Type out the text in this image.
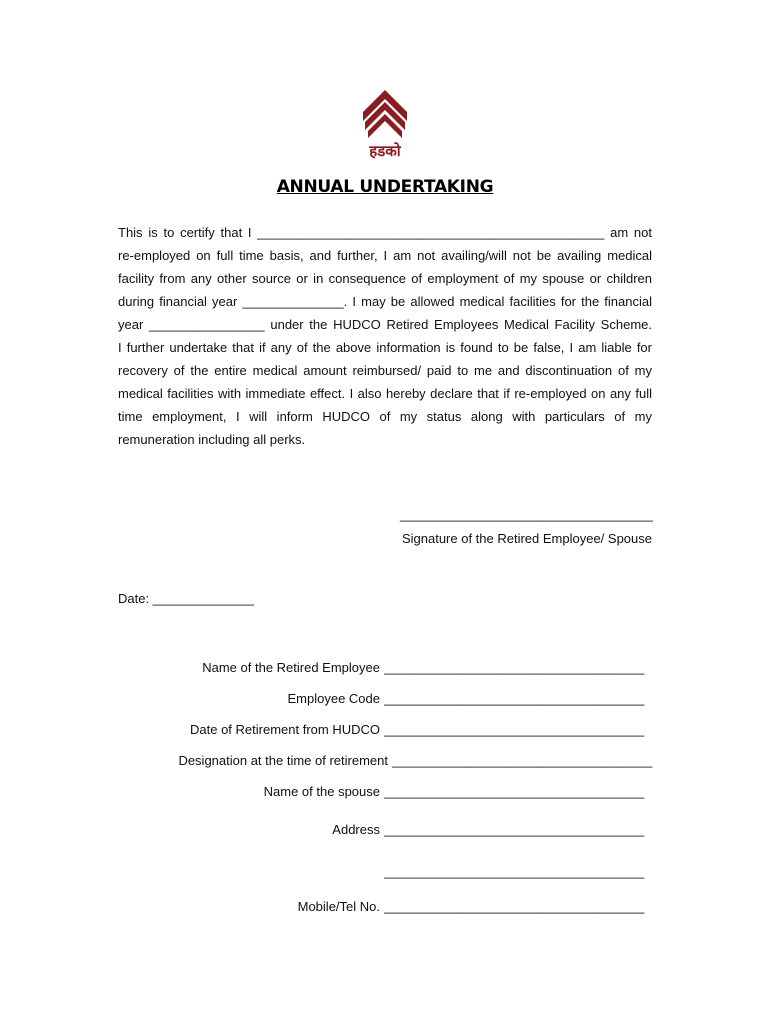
हडको
ANNUAL UNDERTAKING
This is to certify that I ________________________________________________ am not
re-employed on full time basis, and further, I am not availing/will not be availing medical
facility from any other source or in consequence of employment of my spouse or children
during financial year ______________. I may be allowed medical facilities for the financial
year ________________ under the HUDCO Retired Employees Medical Facility Scheme.
I further undertake that if any of the above information is found to be false, I am liable for
recovery of the entire medical amount reimbursed/ paid to me and discontinuation of my
medical facilities with immediate effect. I also hereby declare that if re-employed on any full
time employment, I will inform HUDCO of my status along with particulars of my
remuneration including all perks.
___________________________________
Signature of the Retired Employee/ Spouse
Date: ______________
Name of the Retired Employee ____________________________________
Employee Code ____________________________________
Date of Retirement from HUDCO ____________________________________
Designation at the time of retirement ____________________________________
Name of the spouse ____________________________________
Address ____________________________________
____________________________________
Mobile/Tel No. ____________________________________
